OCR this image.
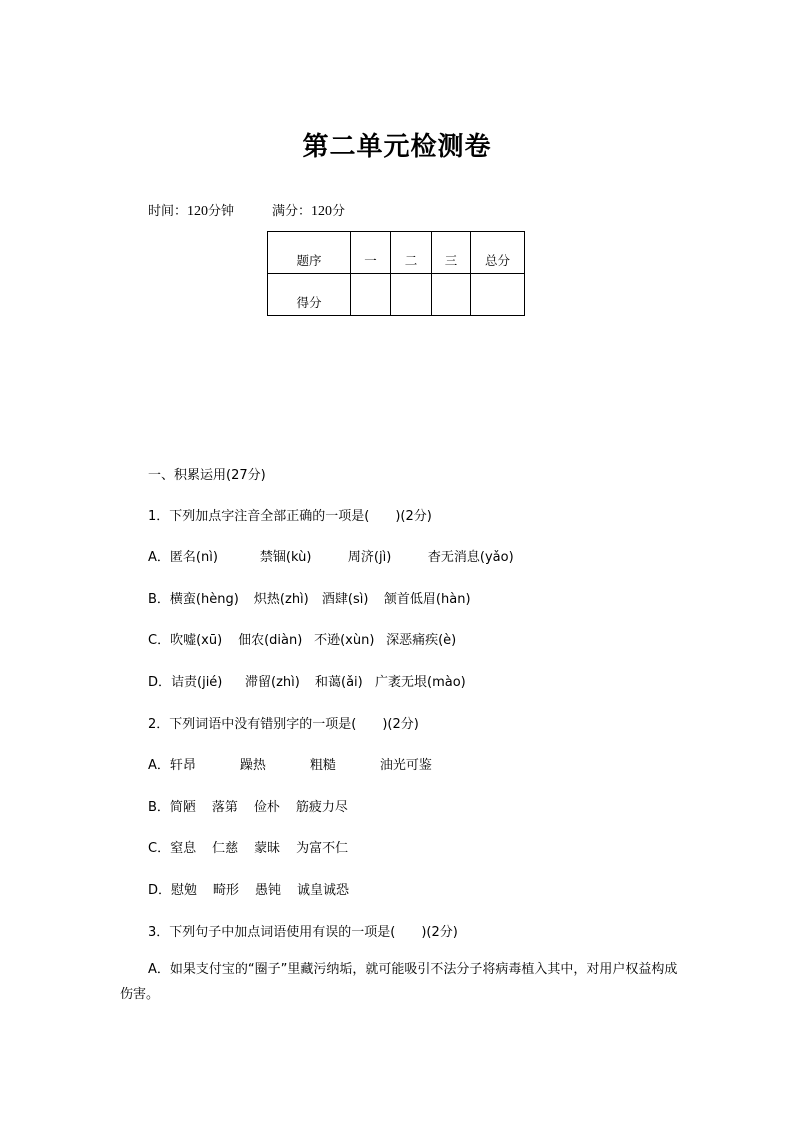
第二单元检测卷
时间：120分钟	满分：120分
题序	一	二	三	总分
得分				
一、积累运用(27分)
1．下列加点字注音全部正确的一项是(　　)(2分)
A．匿名(nì)	禁锢(kù)	周济(jì)	杳无消息(yǎo)
B．横蛮(hèng) 炽热(zhì) 酒肆(sì) 颔首低眉(hàn)
C．吹嘘(xū) 佃农(diàn) 不逊(xùn) 深恶痛疾(è)
D．诘责(jié) 滞留(zhì) 和蔼(ǎi) 广袤无垠(mào)
2．下列词语中没有错别字的一项是(　　)(2分)
A．轩昂	躁热	粗糙	油光可鉴
B．简陋 落第 俭朴 筋疲力尽
C．窒息 仁慈 蒙昧 为富不仁
D．慰勉 畸形 愚钝 诚皇诚恐
3．下列句子中加点词语使用有误的一项是(　　)(2分)
A．如果支付宝的“圈子”里藏污纳垢，就可能吸引不法分子将病毒植入其中，对用户权益构成伤害。
